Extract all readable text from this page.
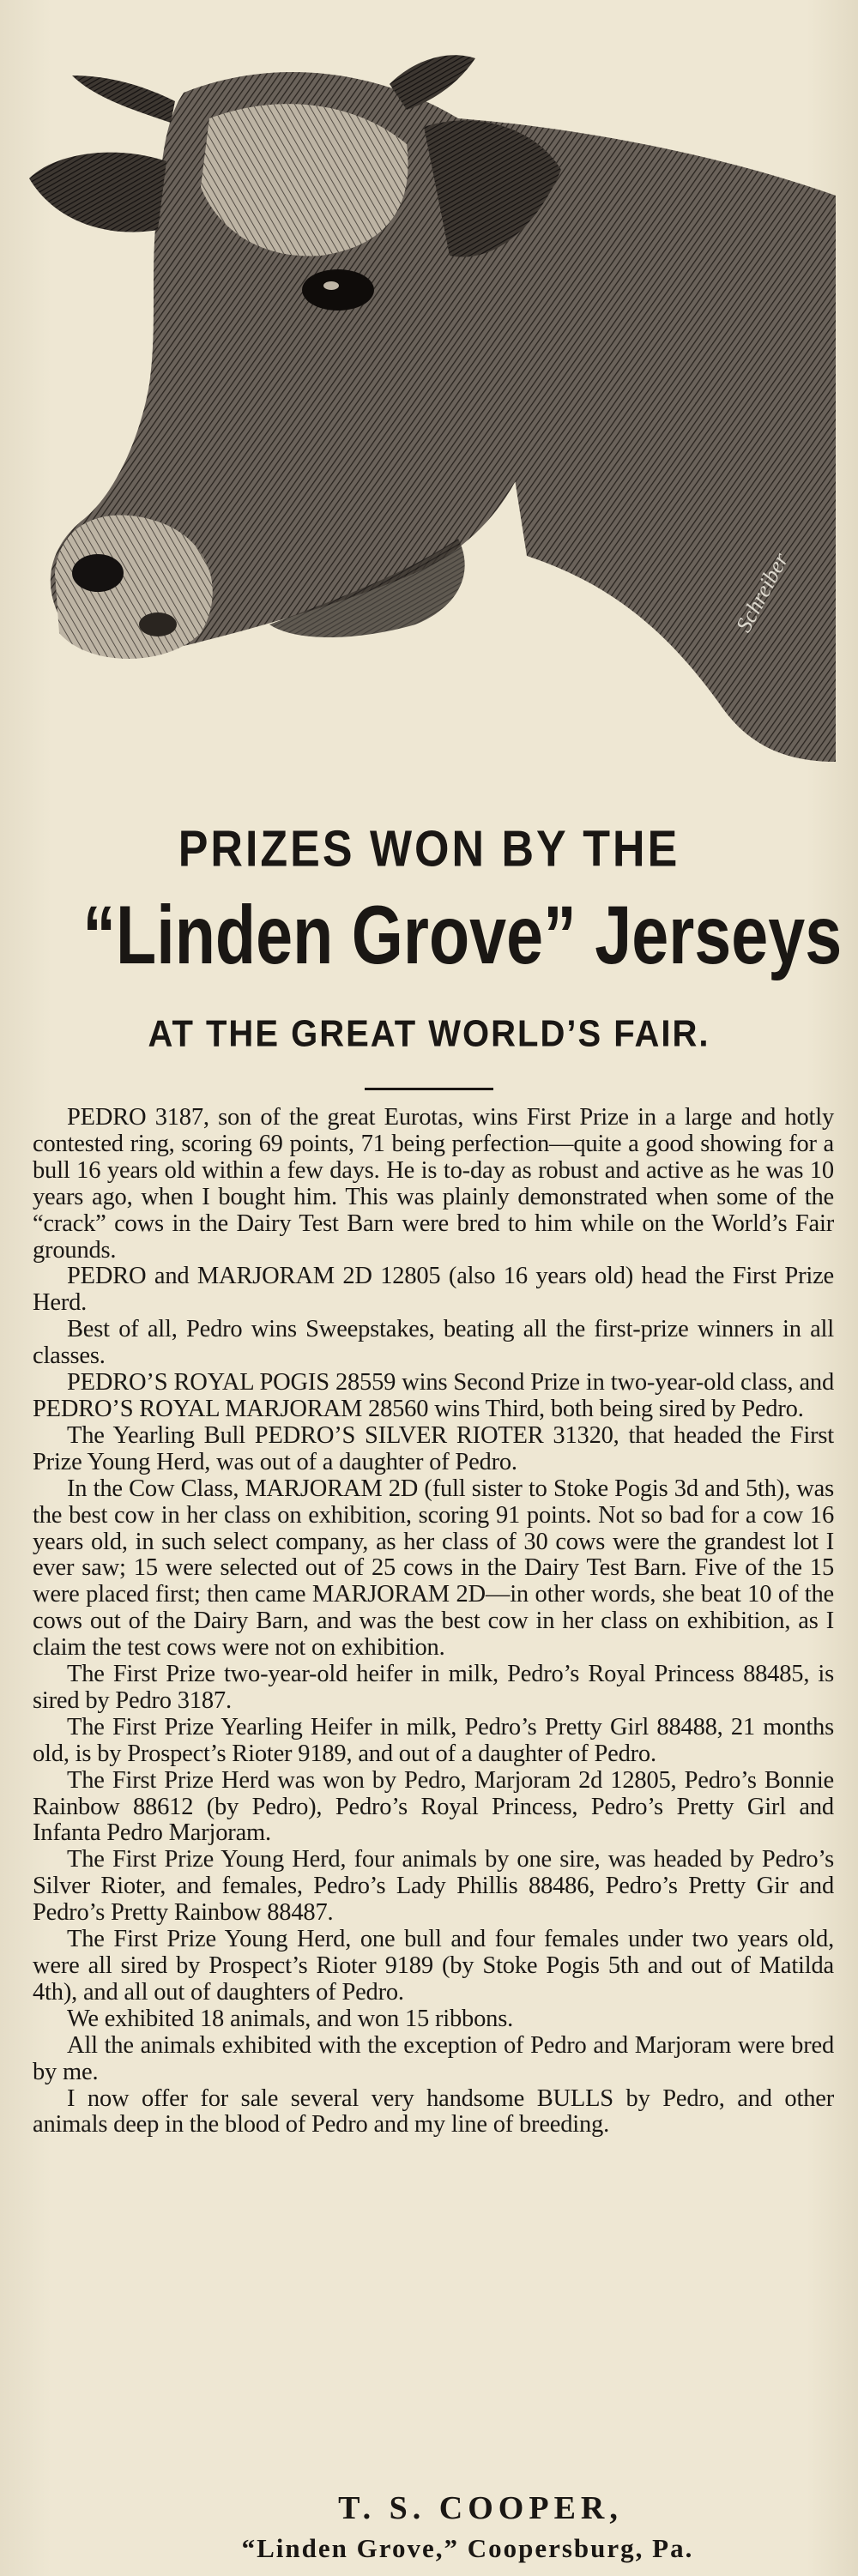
Schreiber
PRIZES WON BY THE
“Linden Grove” Jerseys
AT THE GREAT WORLD’S FAIR.

PEDRO 3187, son of the great Eurotas, wins First Prize in a large and hotly contested ring, scoring 69 points, 71 being perfection—quite a good showing for a bull 16 years old within a few days. He is to-day as robust and active as he was 10 years ago, when I bought him. This was plainly demonstrated when some of the “crack” cows in the Dairy Test Barn were bred to him while on the World’s Fair grounds.

PEDRO and MARJORAM 2D 12805 (also 16 years old) head the First Prize Herd.

Best of all, Pedro wins Sweepstakes, beating all the first-prize winners in all classes.

PEDRO’S ROYAL POGIS 28559 wins Second Prize in two-year-old class, and PEDRO’S ROYAL MARJORAM 28560 wins Third, both being sired by Pedro.

The Yearling Bull PEDRO’S SILVER RIOTER 31320, that headed the First Prize Young Herd, was out of a daughter of Pedro.

In the Cow Class, MARJORAM 2D (full sister to Stoke Pogis 3d and 5th), was the best cow in her class on exhibition, scoring 91 points. Not so bad for a cow 16 years old, in such select company, as her class of 30 cows were the grandest lot I ever saw; 15 were selected out of 25 cows in the Dairy Test Barn. Five of the 15 were placed first; then came MARJORAM 2D—in other words, she beat 10 of the cows out of the Dairy Barn, and was the best cow in her class on exhibition, as I claim the test cows were not on exhibition.

The First Prize two-year-old heifer in milk, Pedro’s Royal Princess 88485, is sired by Pedro 3187.

The First Prize Yearling Heifer in milk, Pedro’s Pretty Girl 88488, 21 months old, is by Prospect’s Rioter 9189, and out of a daughter of Pedro.

The First Prize Herd was won by Pedro, Marjoram 2d 12805, Pedro’s Bonnie Rainbow 88612 (by Pedro), Pedro’s Royal Princess, Pedro’s Pretty Girl and Infanta Pedro Marjoram.

The First Prize Young Herd, four animals by one sire, was headed by Pedro’s Silver Rioter, and females, Pedro’s Lady Phillis 88486, Pedro’s Pretty Gir and Pedro’s Pretty Rainbow 88487.

The First Prize Young Herd, one bull and four females under two years old, were all sired by Prospect’s Rioter 9189 (by Stoke Pogis 5th and out of Matilda 4th), and all out of daughters of Pedro.

We exhibited 18 animals, and won 15 ribbons.

All the animals exhibited with the exception of Pedro and Marjoram were bred by me.

I now offer for sale several very handsome BULLS by Pedro, and other animals deep in the blood of Pedro and my line of breeding.

T. S. COOPER,
“Linden Grove,” Coopersburg, Pa.
